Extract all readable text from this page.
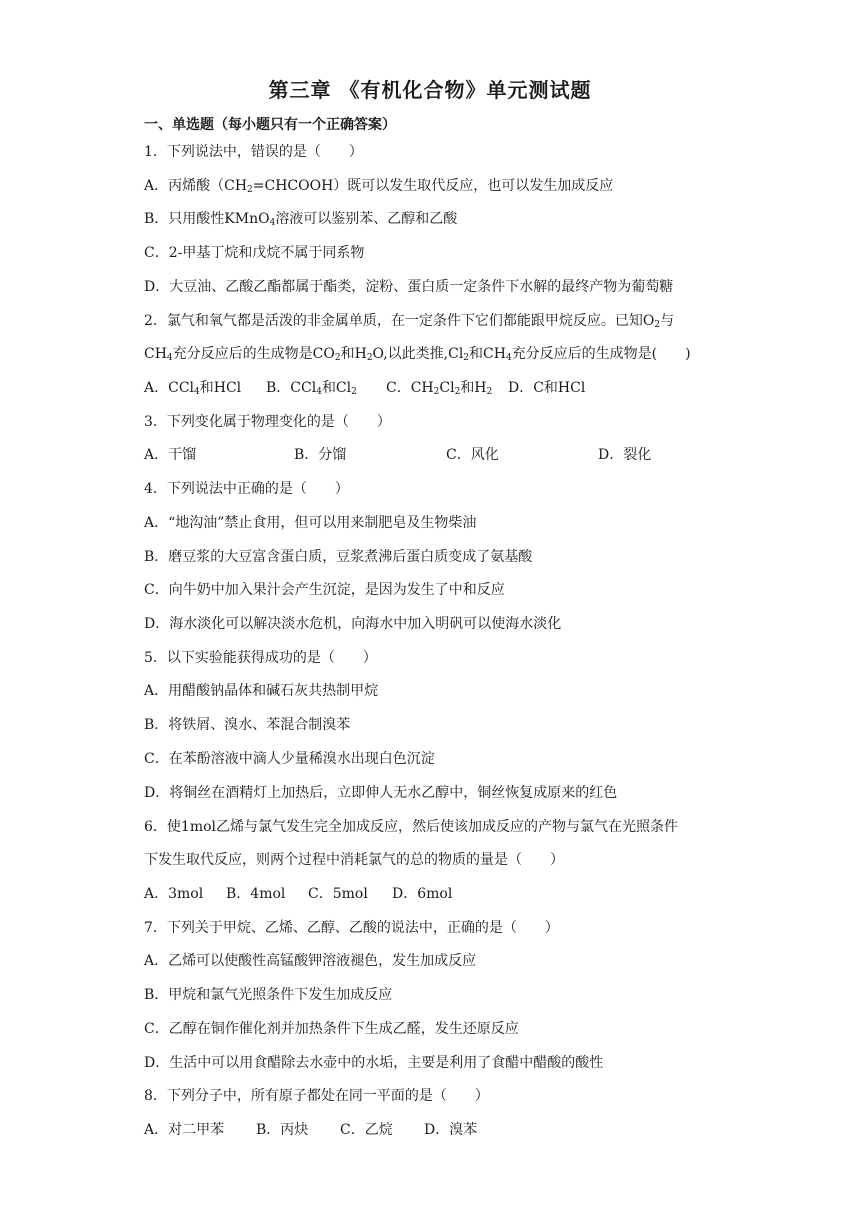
第三章 《有机化合物》单元测试题
一、单选题（每小题只有一个正确答案）
1．下列说法中，错误的是（　　）
A．丙烯酸$(CH_2=CHCOOH)$既可以发生取代反应，也可以发生加成反应
B．只用酸性KMnO$_4$溶液可以鉴别苯、乙醇和乙酸
C．2-甲基丁烷和戊烷不属于同系物
D．大豆油、乙酸乙酯都属于酯类，淀粉、蛋白质一定条件下水解的最终产物为葡萄糖
2．氯气和氧气都是活泼的非金属单质，在一定条件下它们都能跟甲烷反应。已知$O_2$与
$CH_4$充分反应后的生成物是$CO_2$和$H_2O$,以此类推$,Cl_2$和$CH_4$充分反应后的生成物是(　　)
A．CCl$_4$和HCl B．CCl$_4$和$Cl_2$ C．$CH_2Cl_2$和$H_2$ D．C和HCl
3．下列变化属于物理变化的是（　　）
A．干馏	B．分馏	C．风化	D．裂化
4．下列说法中正确的是（　　）
A．“地沟油”禁止食用，但可以用来制肥皂及生物柴油
B．磨豆浆的大豆富含蛋白质，豆浆煮沸后蛋白质变成了氨基酸
C．向牛奶中加入果汁会产生沉淀，是因为发生了中和反应
D．海水淡化可以解决淡水危机，向海水中加入明矾可以使海水淡化
5．以下实验能获得成功的是（　　）
A．用醋酸钠晶体和碱石灰共热制甲烷
B．将铁屑、溴水、苯混合制溴苯
C．在苯酚溶液中滴人少量稀溴水出现白色沉淀
D．将铜丝在酒精灯上加热后，立即伸人无水乙醇中，铜丝恢复成原来的红色
6．使1mol乙烯与氯气发生完全加成反应，然后使该加成反应的产物与氯气在光照条件
下发生取代反应，则两个过程中消耗氯气的总的物质的量是（　　）
A．3mol B．4mol C．5mol D．6mol
7．下列关于甲烷、乙烯、乙醇、乙酸的说法中，正确的是（　　）
A．乙烯可以使酸性高锰酸钾溶液褪色，发生加成反应
B．甲烷和氯气光照条件下发生加成反应
C．乙醇在铜作催化剂并加热条件下生成乙醛，发生还原反应
D．生活中可以用食醋除去水壶中的水垢，主要是利用了食醋中醋酸的酸性
8．下列分子中，所有原子都处在同一平面的是（　　）
A．对二甲苯 B．丙炔 C．乙烷 D．溴苯
